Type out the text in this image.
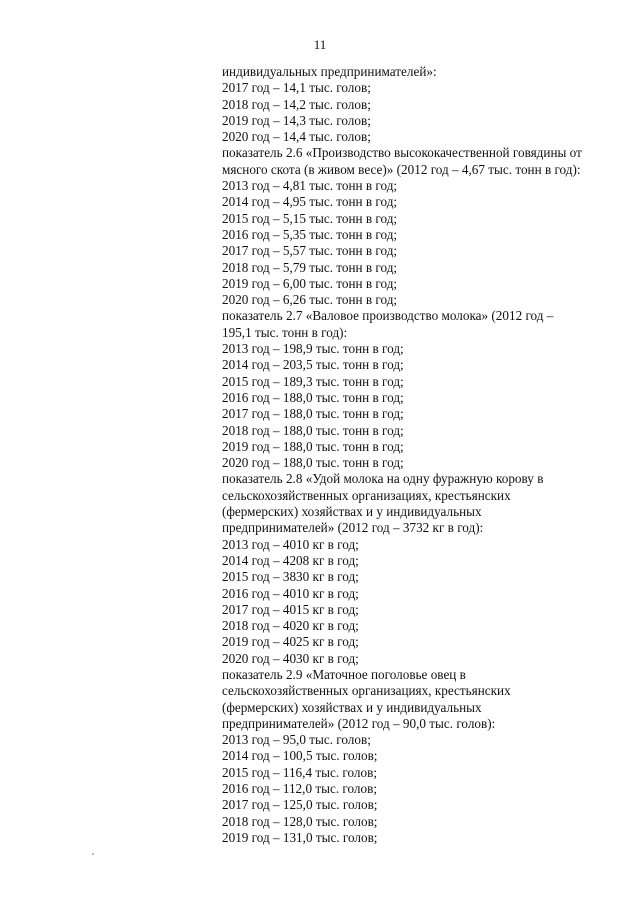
11
индивидуальных предпринимателей»:
2017 год – 14,1 тыс. голов;
2018 год – 14,2 тыс. голов;
2019 год – 14,3 тыс. голов;
2020 год – 14,4 тыс. голов;
показатель 2.6 «Производство высококачественной говядины от
мясного скота (в живом весе)» (2012 год – 4,67 тыс. тонн в год):
2013 год – 4,81 тыс. тонн в год;
2014 год – 4,95 тыс. тонн в год;
2015 год – 5,15 тыс. тонн в год;
2016 год – 5,35 тыс. тонн в год;
2017 год – 5,57 тыс. тонн в год;
2018 год – 5,79 тыс. тонн в год;
2019 год – 6,00 тыс. тонн в год;
2020 год – 6,26 тыс. тонн в год;
показатель 2.7 «Валовое производство молока» (2012 год –
195,1 тыс. тонн в год):
2013 год – 198,9 тыс. тонн в год;
2014 год – 203,5 тыс. тонн в год;
2015 год – 189,3 тыс. тонн в год;
2016 год – 188,0 тыс. тонн в год;
2017 год – 188,0 тыс. тонн в год;
2018 год – 188,0 тыс. тонн в год;
2019 год – 188,0 тыс. тонн в год;
2020 год – 188,0 тыс. тонн в год;
показатель 2.8 «Удой молока на одну фуражную корову в
сельскохозяйственных организациях, крестьянских
(фермерских) хозяйствах и у индивидуальных
предпринимателей» (2012 год – 3732 кг в год):
2013 год – 4010 кг в год;
2014 год – 4208 кг в год;
2015 год – 3830 кг в год;
2016 год – 4010 кг в год;
2017 год – 4015 кг в год;
2018 год – 4020 кг в год;
2019 год – 4025 кг в год;
2020 год – 4030 кг в год;
показатель 2.9 «Маточное поголовье овец в
сельскохозяйственных организациях, крестьянских
(фермерских) хозяйствах и у индивидуальных
предпринимателей» (2012 год – 90,0 тыс. голов):
2013 год – 95,0 тыс. голов;
2014 год – 100,5 тыс. голов;
2015 год – 116,4 тыс. голов;
2016 год – 112,0 тыс. голов;
2017 год – 125,0 тыс. голов;
2018 год – 128,0 тыс. голов;
2019 год – 131,0 тыс. голов;
